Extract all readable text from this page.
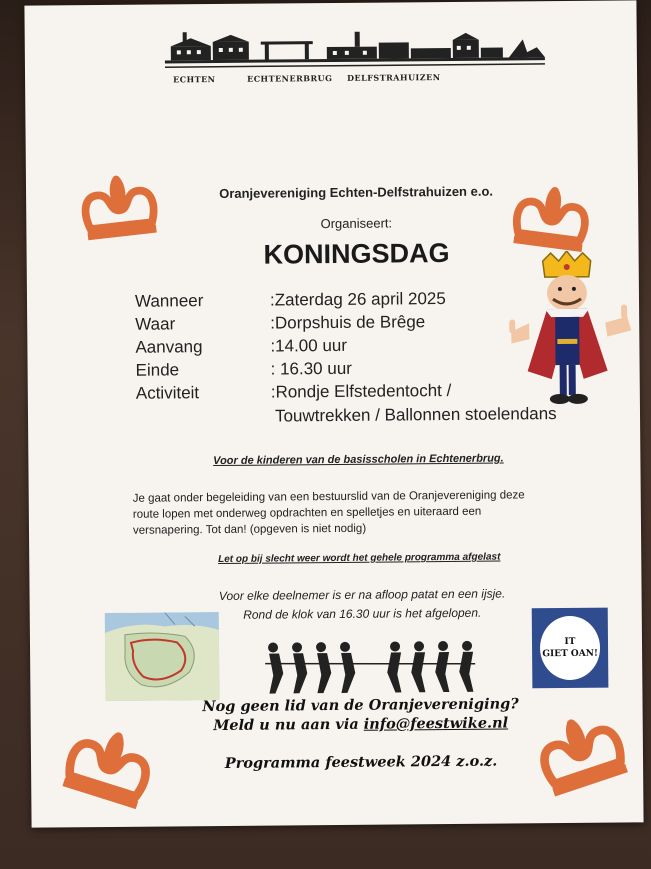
ECHTEN	ECHTENERBRUG DELFSTRAHUIZEN
Oranjevereniging Echten-Delfstrahuizen e.o.
Organiseert:
KONINGSDAG
Wanneer	:Zaterdag 26 april 2025
Waar	:Dorpshuis de Brêge
Aanvang	:14.00 uur
Einde	: 16.30 uur
Activiteit	:Rondje Elfstedentocht /
Touwtrekken / Ballonnen stoelendans
Voor de kinderen van de basisscholen in Echtenerbrug.
Je gaat onder begeleiding van een bestuurslid van de Oranjevereniging deze
route lopen met onderweg opdrachten en spelletjes en uiteraard een
versnapering. Tot dan! (opgeven is niet nodig)
Let op bij slecht weer wordt het gehele programma afgelast
Voor elke deelnemer is er na afloop patat en een ijsje.
Rond de klok van 16.30 uur is het afgelopen.
IT
GIET OAN!
Nog geen lid van de Oranjevereniging?
Meld u nu aan via info@feestwike.nl
Programma feestweek 2024 z.o.z.
